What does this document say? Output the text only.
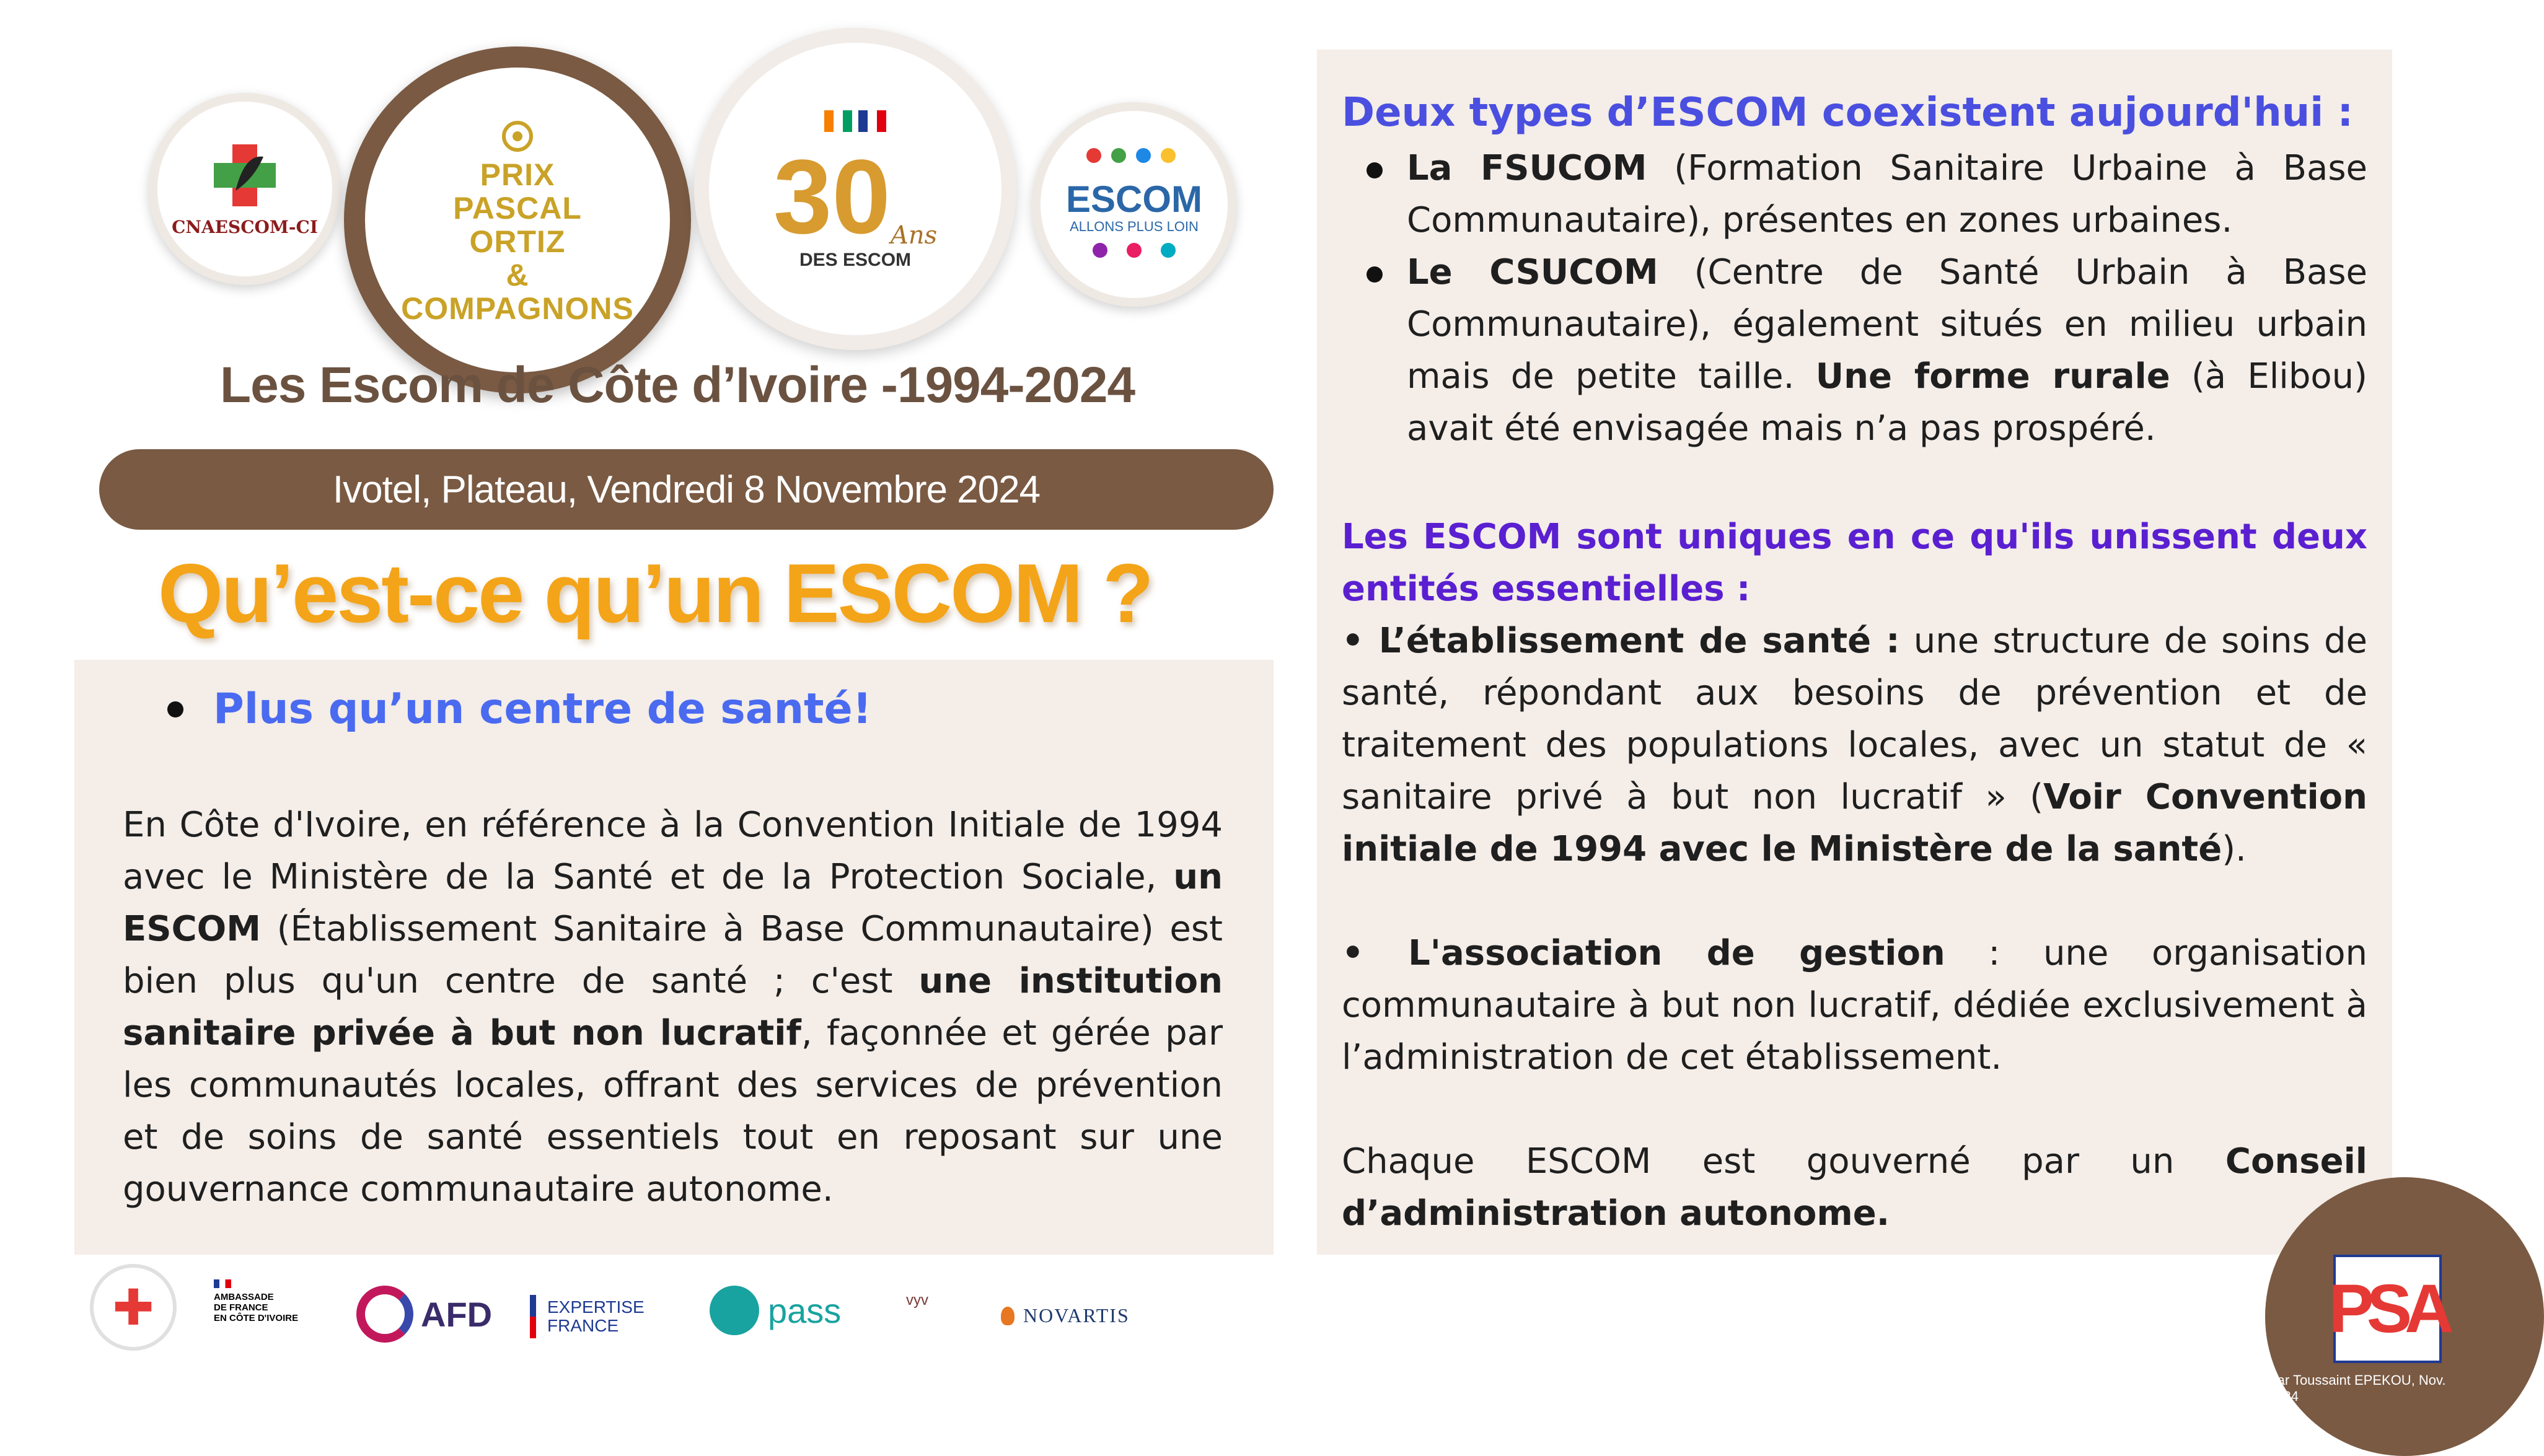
CNAESCOM-CI
PRIX
PASCAL
ORTIZ
&
COMPAGNONS
30 Ans
DES ESCOM
ESCOM
ALLONS PLUS LOIN
Les Escom de Côte d’Ivoire -1994-2024
Ivotel, Plateau, Vendredi 8 Novembre 2024
Qu’est-ce qu’un ESCOM ?
Plus qu’un centre de santé!

En Côte d'Ivoire, en référence à la Convention Initiale de 1994 avec le Ministère de la Santé et de la Protection Sociale, un ESCOM (Établissement Sanitaire à Base Communautaire) est bien plus qu'un centre de santé ; c'est une institution sanitaire privée à but non lucratif, façonnée et gérée par les communautés locales, offrant des services de prévention et de soins de santé essentiels tout en reposant sur une gouvernance communautaire autonome.

Deux types d’ESCOM coexistent aujourd'hui :

La FSUCOM (Formation Sanitaire Urbaine à Base Communautaire), présentes en zones urbaines.

Le CSUCOM (Centre de Santé Urbain à Base Communautaire), également situés en milieu urbain mais de petite taille. Une forme rurale (à Elibou) avait été envisagée mais n’a pas prospéré.

Les ESCOM sont uniques en ce qu'ils unissent deux entités essentielles :

• L’établissement de santé : une structure de soins de santé, répondant aux besoins de prévention et de traitement des populations locales, avec un statut de « sanitaire privé à but non lucratif » (Voir Convention initiale de 1994 avec le Ministère de la santé).

• L'association de gestion : une organisation communautaire à but non lucratif, dédiée exclusivement à l’administration de cet établissement.

Chaque ESCOM est gouverné par un Conseil d’administration autonome.

✚	AMBASSADE
DE FRANCE
EN CÔTE D'IVOIRE	AFD	EXPERTISE
FRANCE	pass	vyv
NOVARTIS	PSA
Par Toussaint EPEKOU, Nov. 2024
